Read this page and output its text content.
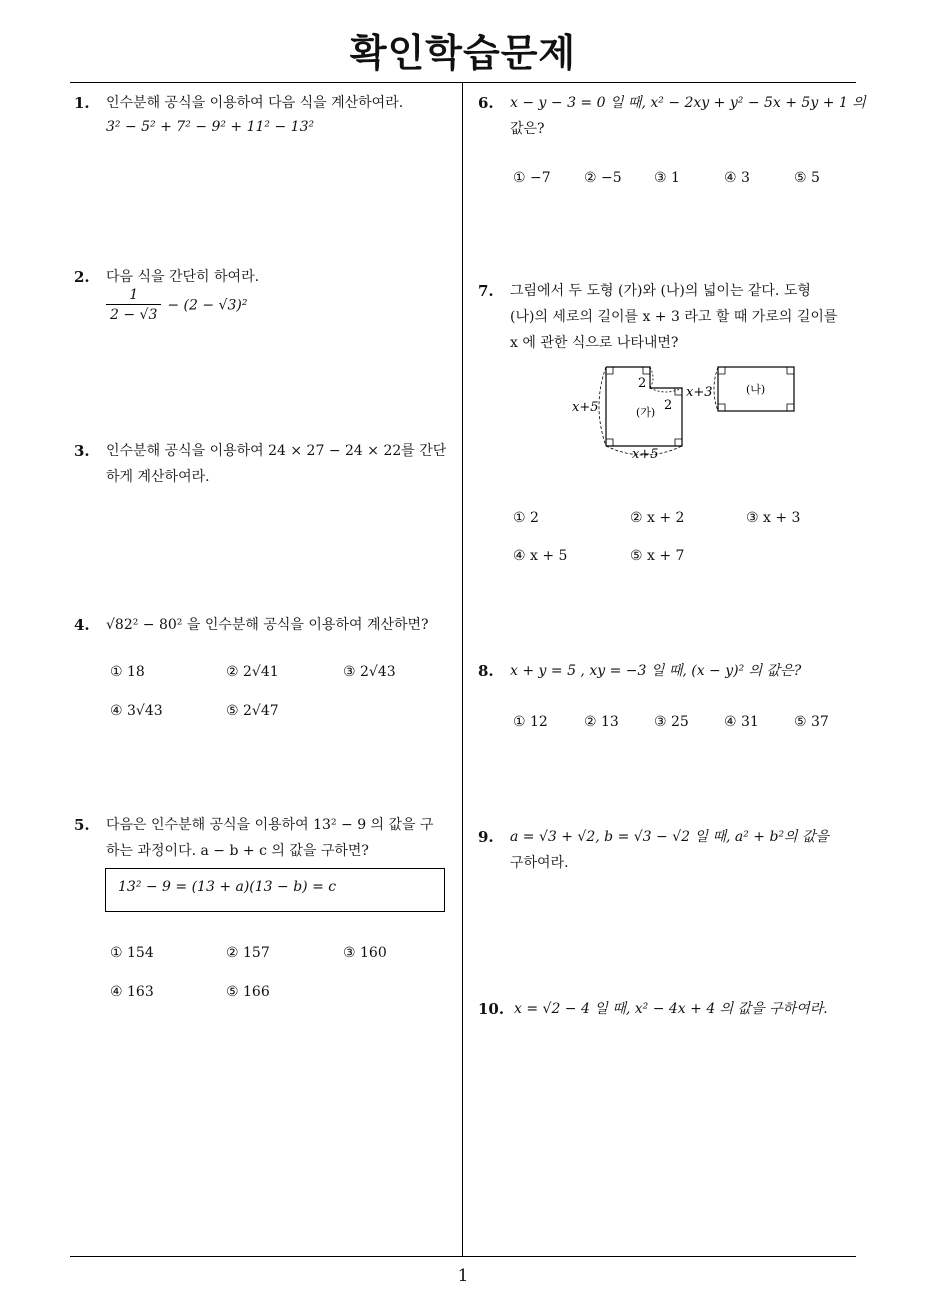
확인학습문제
1
1. 인수분해 공식을 이용하여 다음 식을 계산하여라.
3² − 5² + 7² − 9² + 11² − 13²
2. 다음 식을 간단히 하여라.
$\frac{1}{2 - √3} - (2 - √3)^2$
3. 인수분해 공식을 이용하여 24 × 27 − 24 × 22를 간단
하게 계산하여라.
4. √82² − 80² 을 인수분해 공식을 이용하여 계산하면?
① 18	② 2√41	③ 2√43
④ 3√43	⑤ 2√47
5. 다음은 인수분해 공식을 이용하여 13² − 9 의 값을 구
하는 과정이다. a − b + c 의 값을 구하면?
13² − 9 = (13 + a)(13 − b) = c
① 154	② 157	③ 160
④ 163	⑤ 166
6. x − y − 3 = 0 일 때, x² − 2xy + y² − 5x + 5y + 1 의
값은?
① −7 ② −5 ③ 1	④ 3	⑤ 5
7. 그림에서 두 도형 (가)와 (나)의 넓이는 같다. 도형
(나)의 세로의 길이를 x + 3 라고 할 때 가로의 길이를
x 에 관한 식으로 나타내면?
x+5
x+5
2
2
(가)
x+3	(나)
① 2	② x + 2	③ x + 3
④ x + 5	⑤ x + 7
8. x + y = 5 , xy = −3 일 때, (x − y)² 의 값은?
① 12	② 13	③ 25	④ 31	⑤ 37
9. a = √3 + √2, b = √3 − √2 일 때, a² + b²의 값을
구하여라.
10. x = √2 − 4 일 때, x² − 4x + 4 의 값을 구하여라.
